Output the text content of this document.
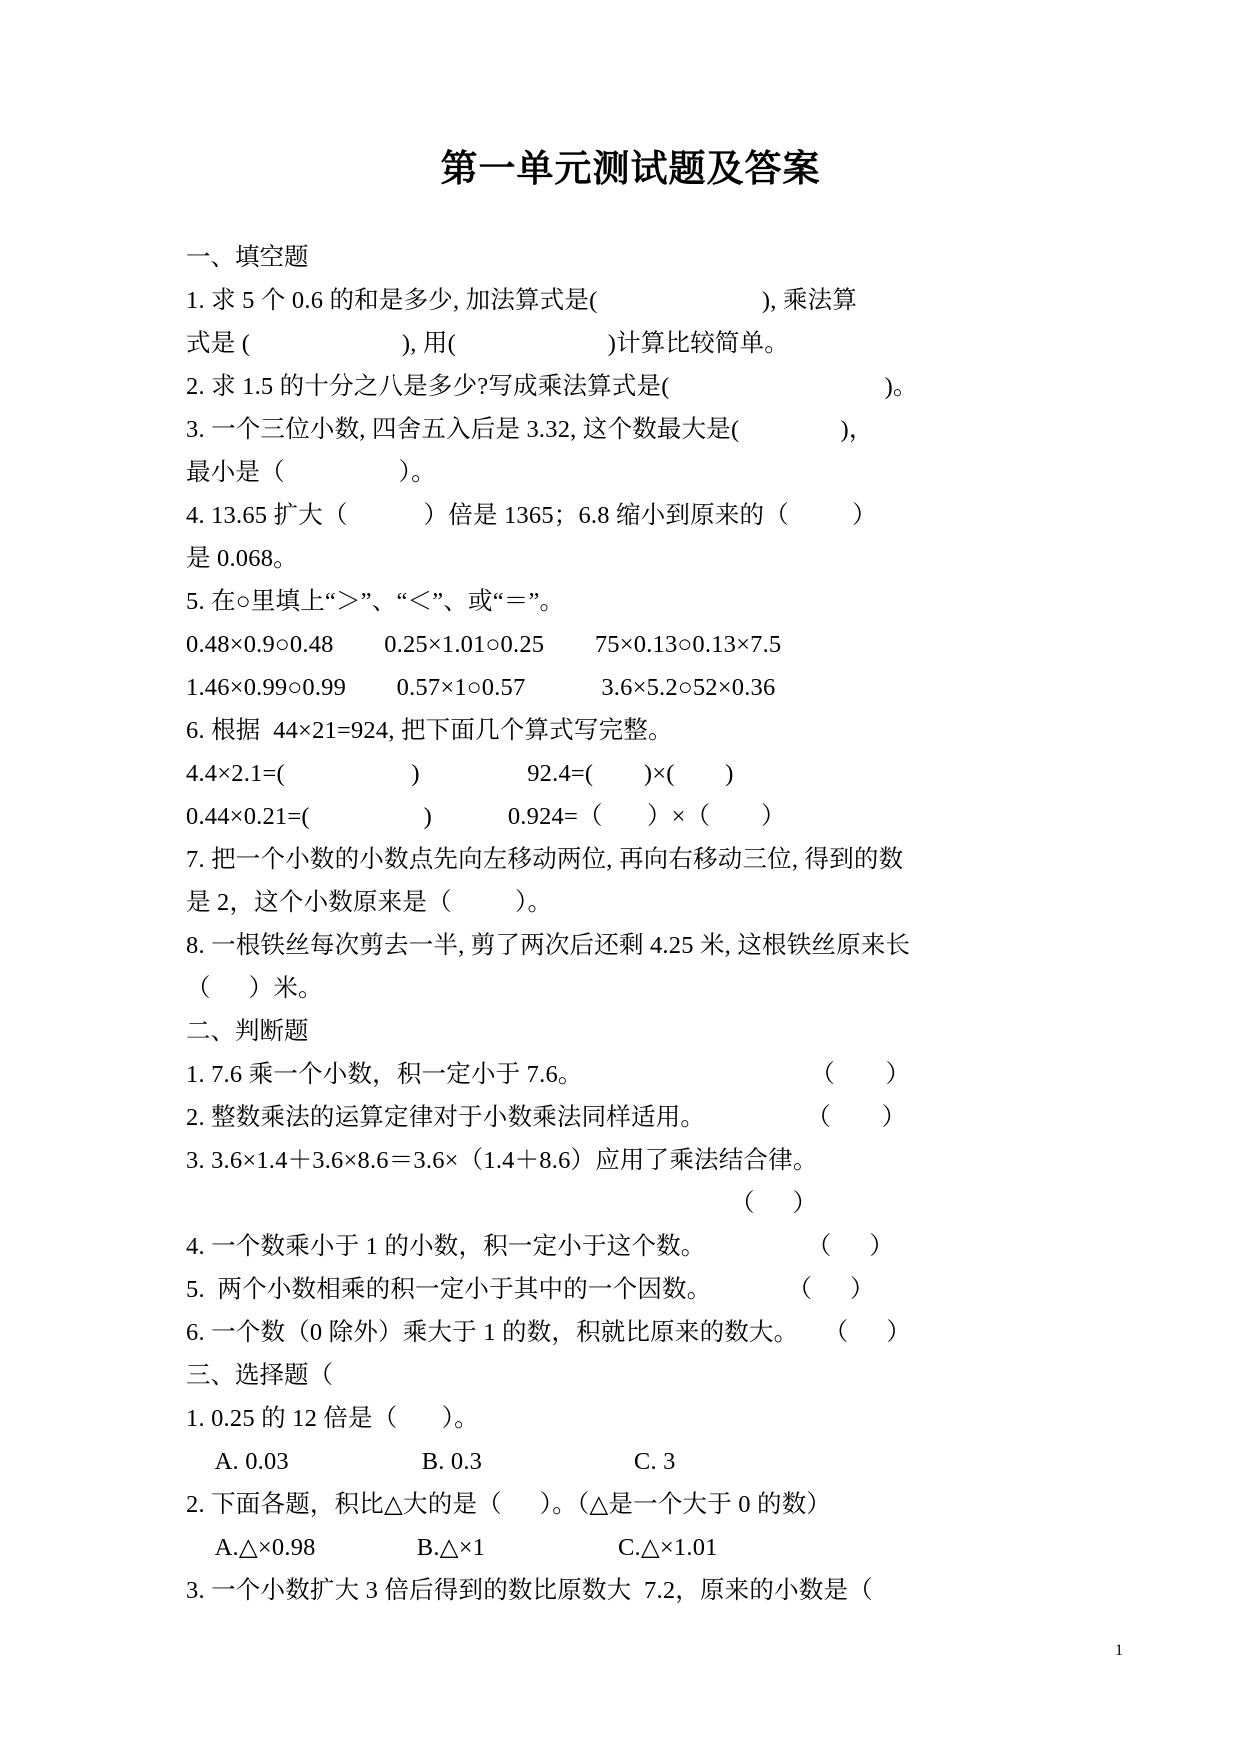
第一单元测试题及答案
一、填空题
1. 求 5 个 0.6 的和是多少, 加法算式是(                          ), 乘法算
式是 (                        ), 用(                        )计算比较简单。
2. 求 1.5 的十分之八是多少?写成乘法算式是(                                  )。
3. 一个三位小数, 四舍五入后是 3.32, 这个数最大是(                )，
最小是（                  ）。
4. 13.65 扩大（            ）倍是 1365；6.8 缩小到原来的（          ）
是 0.068。
5. 在○里填上“＞”、“＜”、或“＝”。
0.48×0.9○0.48        0.25×1.01○0.25        75×0.13○0.13×7.5
1.46×0.99○0.99        0.57×1○0.57            3.6×5.2○52×0.36
6. 根据  44×21=924, 把下面几个算式写完整。
4.4×2.1=(                    )                 92.4=(        )×(        )
0.44×0.21=(                  )            0.924=（       ）×（        ）
7. 把一个小数的小数点先向左移动两位, 再向右移动三位, 得到的数
是 2，这个小数原来是（          ）。
8. 一根铁丝每次剪去一半, 剪了两次后还剩 4.25 米, 这根铁丝原来长
（      ）米。
二、判断题
1. 7.6 乘一个小数，积一定小于 7.6。                                    （        ）
2. 整数乘法的运算定律对于小数乘法同样适用。                （        ）
3. 3.6×1.4＋3.6×8.6＝3.6×（1.4＋8.6）应用了乘法结合律。
（      ）
4. 一个数乘小于 1 的小数，积一定小于这个数。                （      ）
5.  两个小数相乘的积一定小于其中的一个因数。            （      ）
6. 一个数（0 除外）乘大于 1 的数，积就比原来的数大。    （      ）
三、选择题（
1. 0.25 的 12 倍是（       ）。
A. 0.03                     B. 0.3                        C. 3
2. 下面各题，积比△大的是（      ）。（△是一个大于 0 的数）
A.△×0.98                B.△×1                     C.△×1.01
3. 一个小数扩大 3 倍后得到的数比原数大  7.2，原来的小数是（
1
